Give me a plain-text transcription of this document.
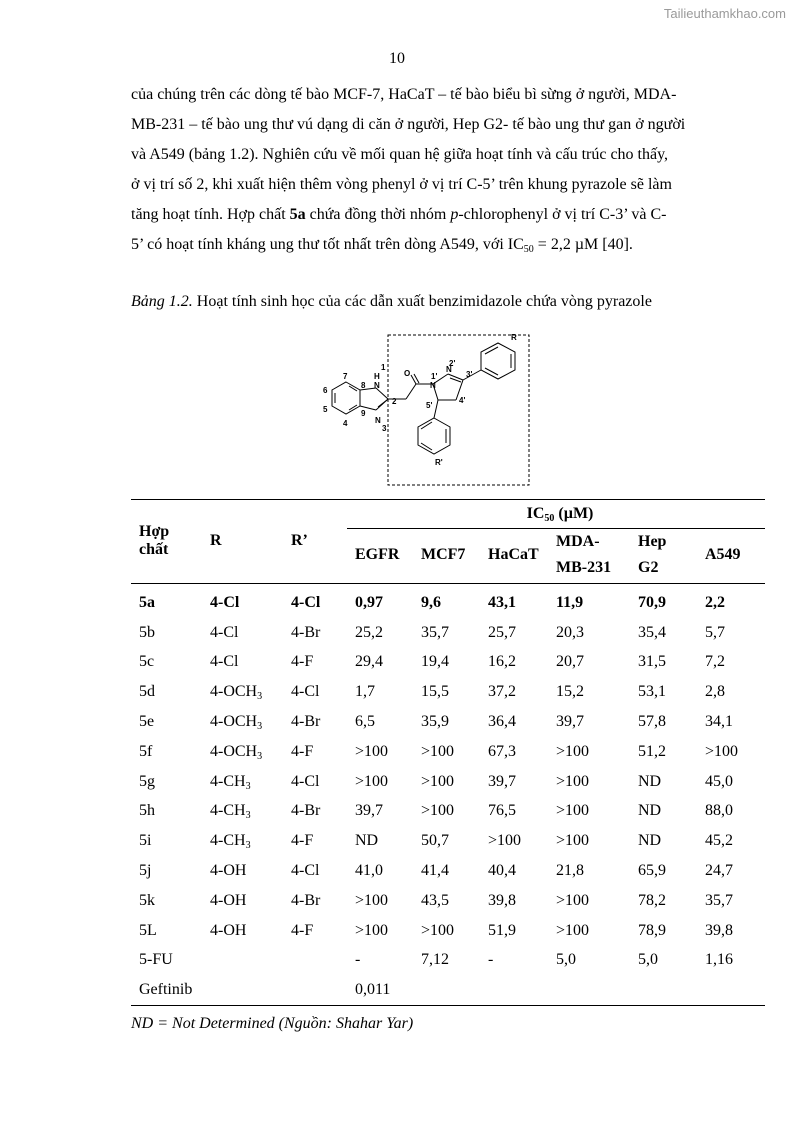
Tailieuthamkhao.com
10

của chúng trên các dòng tế bào MCF-7, HaCaT – tế bào biểu bì sừng ở người, MDA-
MB-231 – tế bào ung thư vú dạng di căn ở người, Hep G2- tế bào ung thư gan ở người
và A549 (bảng 1.2). Nghiên cứu về mối quan hệ giữa hoạt tính và cấu trúc cho thấy,
ở vị trí số 2, khi xuất hiện thêm vòng phenyl ở vị trí C-5’ trên khung pyrazole sẽ làm
tăng hoạt tính. Hợp chất 5a chứa đồng thời nhóm p-chlorophenyl ở vị trí C-3’ và C-
5’ có hoạt tính kháng ung thư tốt nhất trên dòng A549, với $IC_{50} = 2,2$ µM [40].

Bảng 1.2. Hoạt tính sinh học của các dẫn xuất benzimidazole chứa vòng pyrazole
R
R'
H
N
N
N
N
O
1
2
3
4
5
6
7
8
9
1'
2'
3'
4'
5'
Hợp
chất	R	R’	$IC_{50}$ (µM)					
			EGFR	MCF7	HaCaT	MDA-
MB-231	Hep
G2	A549

5a	4-Cl	4-Cl	0,97	9,6	43,1	11,9	70,9	2,2
5b	4-Cl	4-Br	25,2	35,7	25,7	20,3	35,4	5,7
5c	4-Cl	4-F	29,4	19,4	16,2	20,7	31,5	7,2
5d	$4-OCH_3$	4-Cl	1,7	15,5	37,2	15,2	53,1	2,8
5e	$4-OCH_3$	4-Br	6,5	35,9	36,4	39,7	57,8	34,1
5f	$4-OCH_3$	4-F	>100	>100	67,3	>100	51,2	>100
5g	$4-CH_3$	4-Cl	>100	>100	39,7	>100	ND	45,0
5h	$4-CH_3$	4-Br	39,7	>100	76,5	>100	ND	88,0
5i	$4-CH_3$	4-F	ND	50,7	>100	>100	ND	45,2
5j	4-OH	4-Cl	41,0	41,4	40,4	21,8	65,9	24,7
5k	4-OH	4-Br	>100	43,5	39,8	>100	78,2	35,7
5L	4-OH	4-F	>100	>100	51,9	>100	78,9	39,8
5-FU			-	7,12	-	5,0	5,0	1,16
Geftinib			0,011					
ND = Not Determined (Nguồn: Shahar Yar)
